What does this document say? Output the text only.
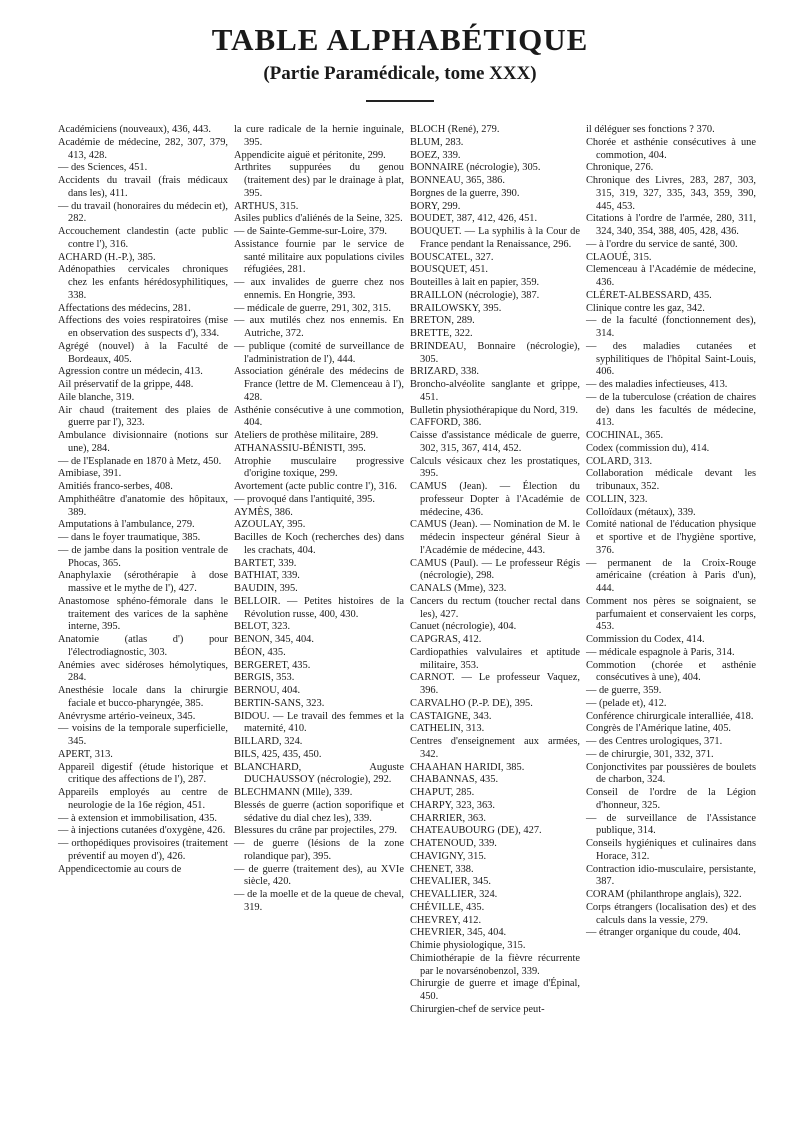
TABLE ALPHABÉTIQUE
(Partie Paramédicale, tome XXX)

Académiciens (nouveaux), 436, 443.

Académie de médecine, 282, 307, 379, 413, 428.

— des Sciences, 451.

Accidents du travail (frais médicaux dans les), 411.

— du travail (honoraires du médecin et), 282.

Accouchement clandestin (acte public contre l'), 316.

ACHARD (H.-P.), 385.

Adénopathies cervicales chroniques chez les enfants hérédosyphilitiques, 338.

Affectations des médecins, 281.

Affections des voies respiratoires (mise en observation des suspects d'), 334.

Agrégé (nouvel) à la Faculté de Bordeaux, 405.

Agression contre un médecin, 413.

Ail préservatif de la grippe, 448.

Aile blanche, 319.

Air chaud (traitement des plaies de guerre par l'), 323.

Ambulance divisionnaire (notions sur une), 284.

— de l'Esplanade en 1870 à Metz, 450.

Amibiase, 391.

Amitiés franco-serbes, 408.

Amphithéâtre d'anatomie des hôpitaux, 389.

Amputations à l'ambulance, 279.

— dans le foyer traumatique, 385.

— de jambe dans la position ventrale de Phocas, 365.

Anaphylaxie (sérothérapie à dose massive et le mythe de l'), 427.

Anastomose sphéno-fémorale dans le traitement des varices de la saphène interne, 395.

Anatomie (atlas d') pour l'électrodiagnostic, 303.

Anémies avec sidéroses hémolytiques, 284.

Anesthésie locale dans la chirurgie faciale et bucco-pharyngée, 385.

Anévrysme artério-veineux, 345.

— voisins de la temporale superficielle, 345.

APERT, 313.

Appareil digestif (étude historique et critique des affections de l'), 287.

Appareils employés au centre de neurologie de la 16e région, 451.

— à extension et immobilisation, 435.

— à injections cutanées d'oxygène, 426.

— orthopédiques provisoires (traitement préventif au moyen d'), 426.

Appendicectomie au cours de

la cure radicale de la hernie inguinale, 395.

Appendicite aiguë et péritonite, 299.

Arthrites suppurées du genou (traitement des) par le drainage à plat, 395.

ARTHUS, 315.

Asiles publics d'aliénés de la Seine, 325.

— de Sainte-Gemme-sur-Loire, 379.

Assistance fournie par le service de santé militaire aux populations civiles réfugiées, 281.

— aux invalides de guerre chez nos ennemis. En Hongrie, 393.

— médicale de guerre, 291, 302, 315.

— aux mutilés chez nos ennemis. En Autriche, 372.

— publique (comité de surveillance de l'administration de l'), 444.

Association générale des médecins de France (lettre de M. Clemenceau à l'), 428.

Asthénie consécutive à une commotion, 404.

Ateliers de prothèse militaire, 289.

ATHANASSIU-BÉNISTI, 395.

Atrophie musculaire progressive d'origine toxique, 299.

Avortement (acte public contre l'), 316.

— provoqué dans l'antiquité, 395.

AYMÈS, 386.

AZOULAY, 395.

Bacilles de Koch (recherches des) dans les crachats, 404.

BARTET, 339.

BATHIAT, 339.

BAUDIN, 395.

BELLOIR. — Petites histoires de la Révolution russe, 400, 430.

BELOT, 323.

BENON, 345, 404.

BÉON, 435.

BERGERET, 435.

BERGIS, 353.

BERNOU, 404.

BERTIN-SANS, 323.

BIDOU. — Le travail des femmes et la maternité, 410.

BILLARD, 324.

BILS, 425, 435, 450.

BLANCHARD, Auguste DUCHAUSSOY (nécrologie), 292.

BLECHMANN (Mlle), 339.

Blessés de guerre (action soporifique et sédative du dial chez les), 339.

Blessures du crâne par projectiles, 279.

— de guerre (lésions de la zone rolandique par), 395.

— de guerre (traitement des), au XVIe siècle, 420.

— de la moelle et de la queue de cheval, 319.

BLOCH (René), 279.

BLUM, 283.

BOEZ, 339.

BONNAIRE (nécrologie), 305.

BONNEAU, 365, 386.

Borgnes de la guerre, 390.

BORY, 299.

BOUDET, 387, 412, 426, 451.

BOUQUET. — La syphilis à la Cour de France pendant la Renaissance, 296.

BOUSCATEL, 327.

BOUSQUET, 451.

Bouteilles à lait en papier, 359.

BRAILLON (nécrologie), 387.

BRAILOWSKY, 395.

BRETON, 289.

BRETTE, 322.

BRINDEAU, Bonnaire (nécrologie), 305.

BRIZARD, 338.

Broncho-alvéolite sanglante et grippe, 451.

Bulletin physiothérapique du Nord, 319.

CAFFORD, 386.

Caisse d'assistance médicale de guerre, 302, 315, 367, 414, 452.

Calculs vésicaux chez les prostatiques, 395.

CAMUS (Jean). — Élection du professeur Dopter à l'Académie de médecine, 436.

CAMUS (Jean). — Nomination de M. le médecin inspecteur général Sieur à l'Académie de médecine, 443.

CAMUS (Paul). — Le professeur Régis (nécrologie), 298.

CANALS (Mme), 323.

Cancers du rectum (toucher rectal dans les), 427.

Canuet (nécrologie), 404.

CAPGRAS, 412.

Cardiopathies valvulaires et aptitude militaire, 353.

CARNOT. — Le professeur Vaquez, 396.

CARVALHO (P.-P. DE), 395.

CASTAIGNE, 343.

CATHELIN, 313.

Centres d'enseignement aux armées, 342.

CHAAHAN HARIDI, 385.

CHABANNAS, 435.

CHAPUT, 285.

CHARPY, 323, 363.

CHARRIER, 363.

CHATEAUBOURG (DE), 427.

CHATENOUD, 339.

CHAVIGNY, 315.

CHENET, 338.

CHEVALIER, 345.

CHEVALLIER, 324.

CHÉVILLE, 435.

CHEVREY, 412.

CHEVRIER, 345, 404.

Chimie physiologique, 315.

Chimiothérapie de la fièvre récurrente par le novarsénobenzol, 339.

Chirurgie de guerre et image d'Épinal, 450.

Chirurgien-chef de service peut-

il déléguer ses fonctions ? 370.

Chorée et asthénie consécutives à une commotion, 404.

Chronique, 276.

Chronique des Livres, 283, 287, 303, 315, 319, 327, 335, 343, 359, 390, 445, 453.

Citations à l'ordre de l'armée, 280, 311, 324, 340, 354, 388, 405, 428, 436.

— à l'ordre du service de santé, 300.

CLAOUÉ, 315.

Clemenceau à l'Académie de médecine, 436.

CLÉRET-ALBESSARD, 435.

Clinique contre les gaz, 342.

— de la faculté (fonctionnement des), 314.

— des maladies cutanées et syphilitiques de l'hôpital Saint-Louis, 406.

— des maladies infectieuses, 413.

— de la tuberculose (création de chaires de) dans les facultés de médecine, 413.

COCHINAL, 365.

Codex (commission du), 414.

COLARD, 313.

Collaboration médicale devant les tribunaux, 352.

COLLIN, 323.

Colloïdaux (métaux), 339.

Comité national de l'éducation physique et sportive et de l'hygiène sportive, 376.

— permanent de la Croix-Rouge américaine (création à Paris d'un), 444.

Comment nos pères se soignaient, se parfumaient et conservaient les corps, 453.

Commission du Codex, 414.

— médicale espagnole à Paris, 314.

Commotion (chorée et asthénie consécutives à une), 404.

— de guerre, 359.

— (pelade et), 412.

Conférence chirurgicale interalliée, 418.

Congrès de l'Amérique latine, 405.

— des Centres urologiques, 371.

— de chirurgie, 301, 332, 371.

Conjonctivites par poussières de boulets de charbon, 324.

Conseil de l'ordre de la Légion d'honneur, 325.

— de surveillance de l'Assistance publique, 314.

Conseils hygiéniques et culinaires dans Horace, 312.

Contraction idio-musculaire, persistante, 387.

CORAM (philanthrope anglais), 322.

Corps étrangers (localisation des) et des calculs dans la vessie, 279.

— étranger organique du coude, 404.
